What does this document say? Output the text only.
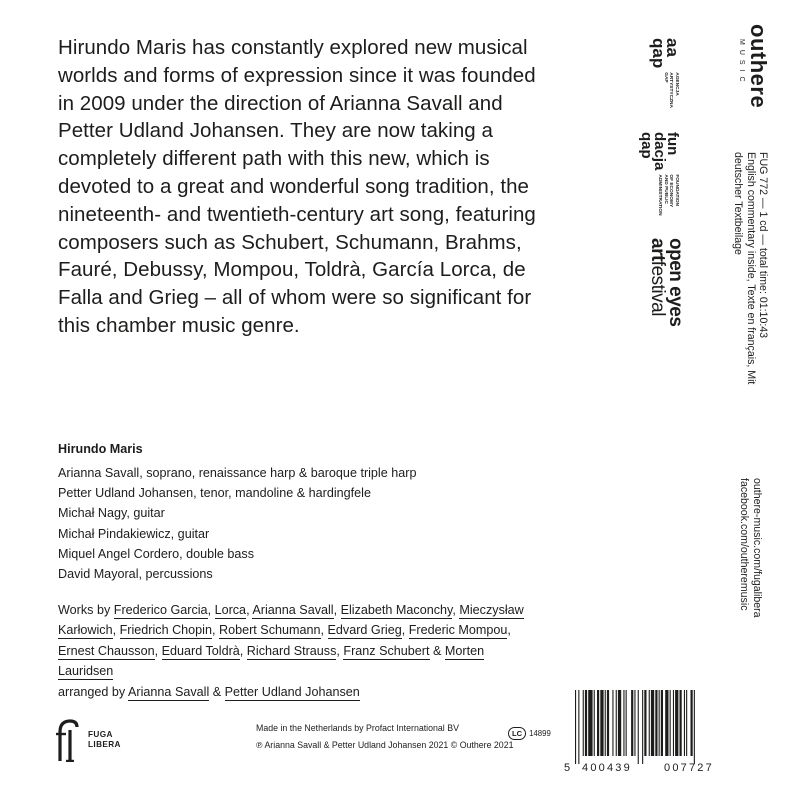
Hirundo Maris has constantly explored new musical worlds and forms of expression since it was founded in 2009 under the direction of Arianna Savall and Petter Udland Johansen. They are now taking a completely different path with this new, which is devoted to a great and wonderful song tradition, the nineteenth- and twentieth-century art song, featuring composers such as Schubert, Schumann, Brahms, Fauré, Debussy, Mompou, Toldrà, García Lorca, de Falla and Grieg – all of whom were so significant for this chamber music genre.

Hirundo Maris
Arianna Savall, soprano, renaissance harp & baroque triple harp
Petter Udland Johansen, tenor, mandoline & hardingfele
Michał Nagy, guitar
Michał Pindakiewicz, guitar
Miquel Angel Cordero, double bass
David Mayoral, percussions
Works by Frederico Garcia, Lorca, Arianna Savall, Elizabeth Maconchy, Mieczysław Karłowich, Friedrich Chopin, Robert Schumann, Edvard Grieg, Frederic Mompou, Ernest Chausson, Eduard Toldrà, Richard Strauss, Franz Schubert & Morten Lauridsen
arranged by Arianna Savall & Petter Udland Johansen
FUGA
LIBERA
Made in the Netherlands by Profact International BV
℗ Arianna Savall & Petter Udland Johansen 2021 © Outhere 2021
LC 14899
5 400439	007727
outhere
MUSIC
FUG 772 — 1 cd — total time: 01:10:43
English commentary inside, Texte en français, Mit
deutscher Textbeilage
outhere-music.com/fugalibera
facebook.com/outheremusic
aa
qap
AGENCJA
ARTYSTYCZNA
GAP
fun
dacja
qap
FOUNDATION
OF ECONOMY
AND PUBLIC
ADMINISTRATION
open eyes
artfestival
